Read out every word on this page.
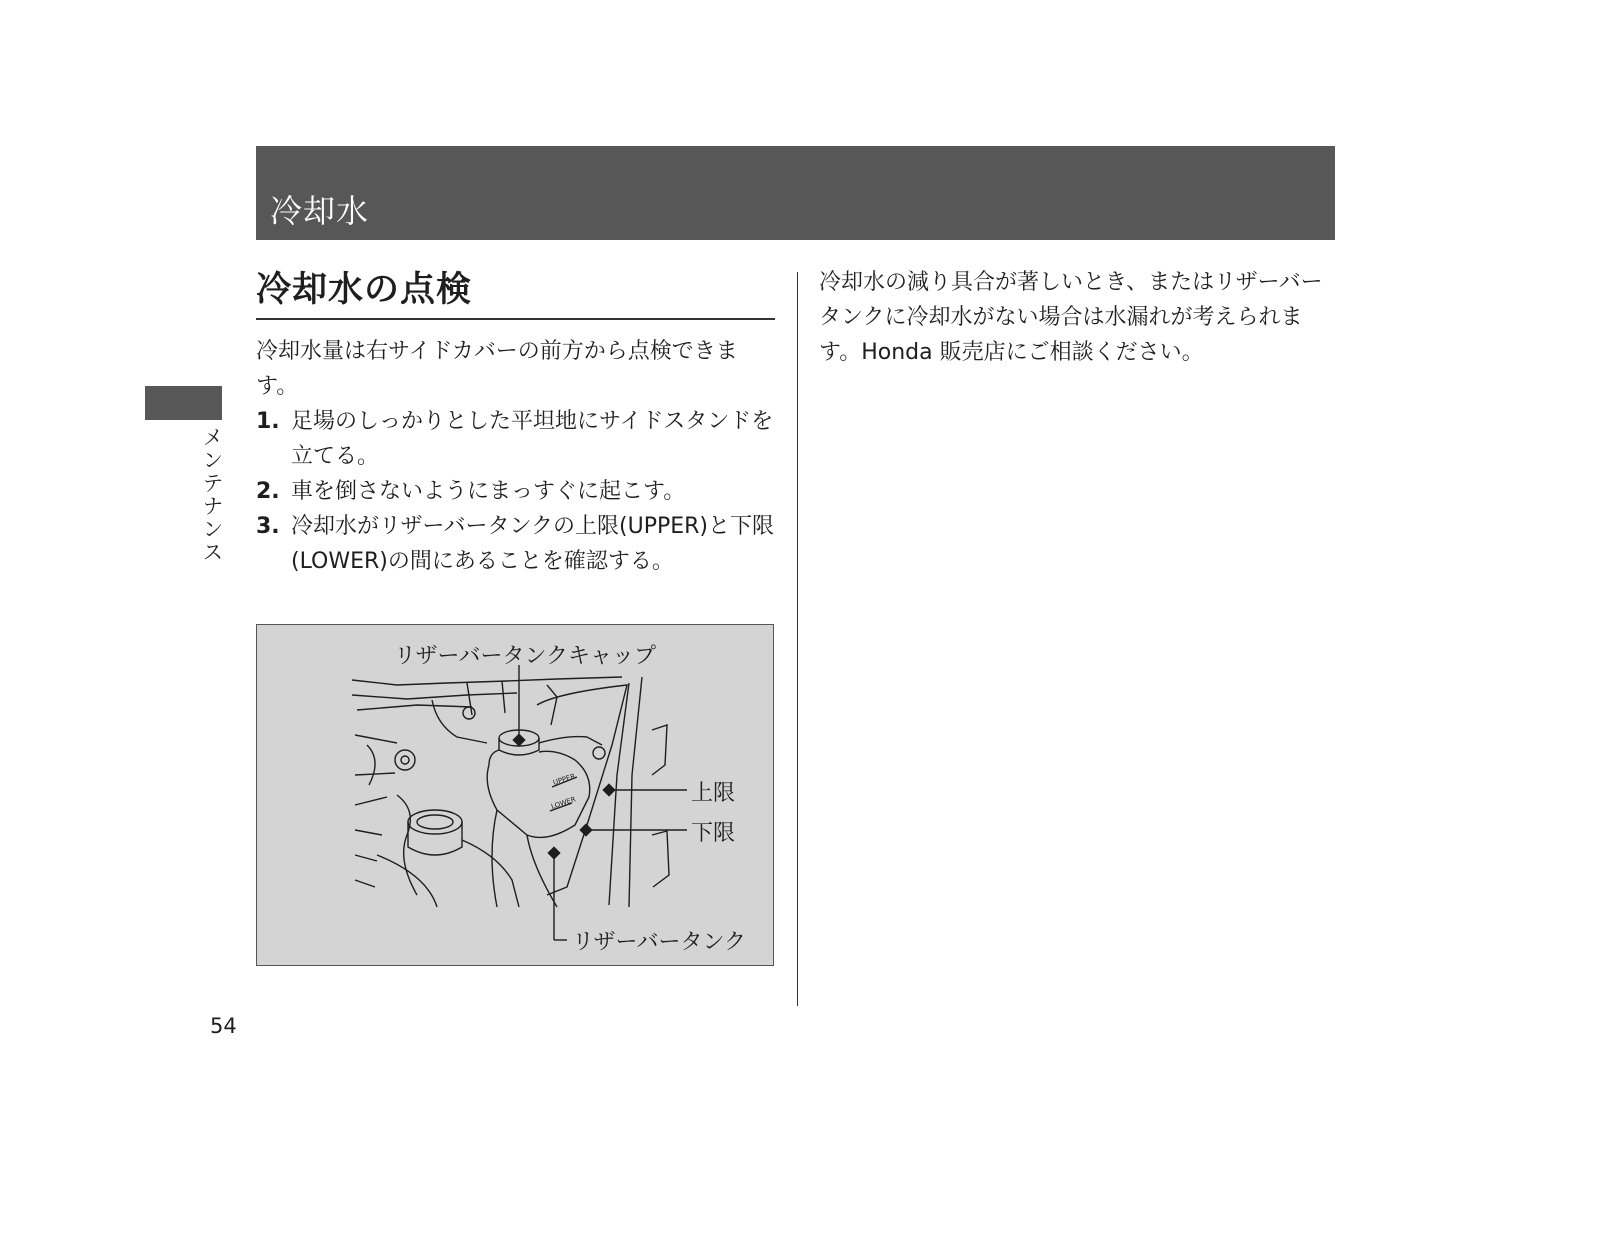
冷却水
メンテナンス
冷却水の点検

冷却水量は右サイドカバーの前方から点検できます。

1. 足場のしっかりとした平坦地にサイドスタンドを立てる。
2. 車を倒さないようにまっすぐに起こす。
3. 冷却水がリザーバータンクの上限(UPPER)と下限(LOWER)の間にあることを確認する。
UPPER
LOWER
リザーバータンクキャップ
上限
下限
リザーバータンク

冷却水の減り具合が著しいとき、またはリザーバータンクに冷却水がない場合は水漏れが考えられます。Honda 販売店にご相談ください。

54
